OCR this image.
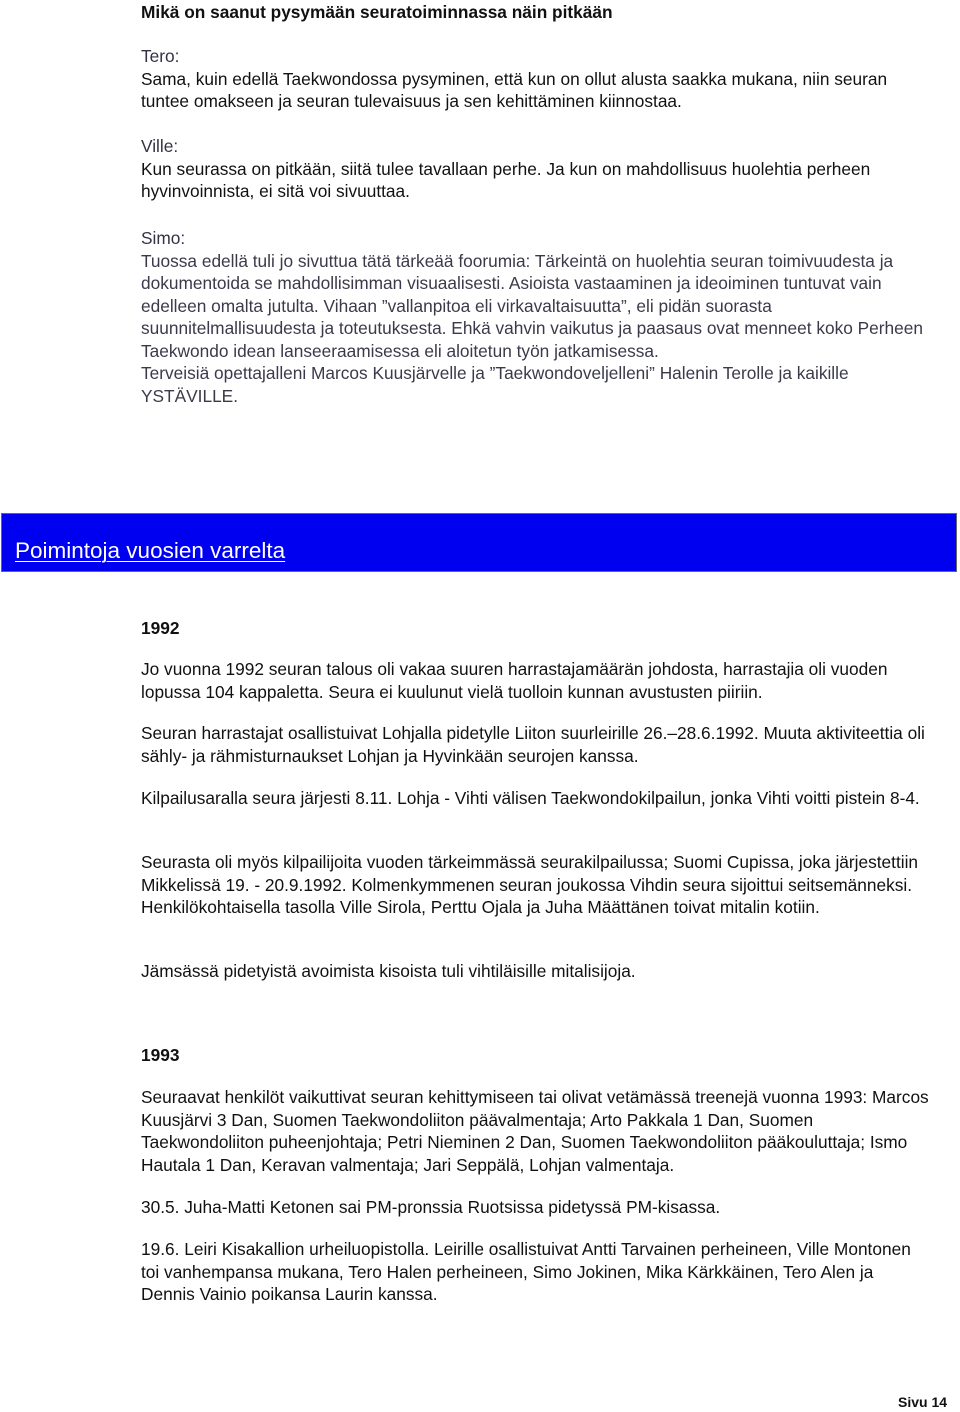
Mikä on saanut pysymään seuratoiminnassa näin pitkään

Tero:

Sama, kuin edellä Taekwondossa pysyminen, että kun on ollut alusta saakka mukana, niin seuran tuntee omakseen ja seuran tulevaisuus ja sen kehittäminen kiinnostaa.

Ville:

Kun seurassa on pitkään, siitä tulee tavallaan perhe. Ja kun on mahdollisuus huolehtia perheen hyvinvoinnista, ei sitä voi sivuuttaa.

Simo:

Tuossa edellä tuli jo sivuttua tätä tärkeää foorumia: Tärkeintä on huolehtia seuran toimivuudesta ja dokumentoida se mahdollisimman visuaalisesti. Asioista vastaaminen ja ideoiminen tuntuvat vain edelleen omalta jutulta. Vihaan ”vallanpitoa eli virkavaltaisuutta”, eli pidän suorasta suunnitelmallisuudesta ja toteutuksesta. Ehkä vahvin vaikutus ja paasaus ovat menneet koko Perheen Taekwondo idean lanseeraamisessa eli aloitetun työn jatkamisessa.

Terveisiä opettajalleni Marcos Kuusjärvelle ja ”Taekwondoveljelleni” Halenin Terolle ja kaikille YSTÄVILLE.

Poimintoja vuosien varrelta
1992

Jo vuonna 1992 seuran talous oli vakaa suuren harrastajamäärän johdosta, harrastajia oli vuoden lopussa 104 kappaletta. Seura ei kuulunut vielä tuolloin kunnan avustusten piiriin.

Seuran harrastajat osallistuivat Lohjalla pidetylle Liiton suurleirille 26.–28.6.1992. Muuta aktiviteettia oli sähly- ja rähmisturnaukset Lohjan ja Hyvinkään seurojen kanssa.

Kilpailusaralla seura järjesti 8.11. Lohja - Vihti välisen Taekwondokilpailun, jonka Vihti voitti pistein 8-4.

Seurasta oli myös kilpailijoita vuoden tärkeimmässä seurakilpailussa; Suomi Cupissa, joka järjestettiin Mikkelissä 19. - 20.9.1992. Kolmenkymmenen seuran joukossa Vihdin seura sijoittui seitsemänneksi. Henkilökohtaisella tasolla Ville Sirola, Perttu Ojala ja Juha Määttänen toivat mitalin kotiin.

Jämsässä pidetyistä avoimista kisoista tuli vihtiläisille mitalisijoja.

1993

Seuraavat henkilöt vaikuttivat seuran kehittymiseen tai olivat vetämässä treenejä vuonna 1993: Marcos Kuusjärvi 3 Dan, Suomen Taekwondoliiton päävalmentaja; Arto Pakkala 1 Dan, Suomen Taekwondoliiton puheenjohtaja; Petri Nieminen 2 Dan, Suomen Taekwondoliiton pääkouluttaja; Ismo Hautala 1 Dan, Keravan valmentaja; Jari Seppälä, Lohjan valmentaja.

30.5. Juha-Matti Ketonen sai PM-pronssia Ruotsissa pidetyssä PM-kisassa.

19.6. Leiri Kisakallion urheiluopistolla. Leirille osallistuivat Antti Tarvainen perheineen, Ville Montonen toi vanhempansa mukana, Tero Halen perheineen, Simo Jokinen, Mika Kärkkäinen, Tero Alen ja Dennis Vainio poikansa Laurin kanssa.

Sivu 14
